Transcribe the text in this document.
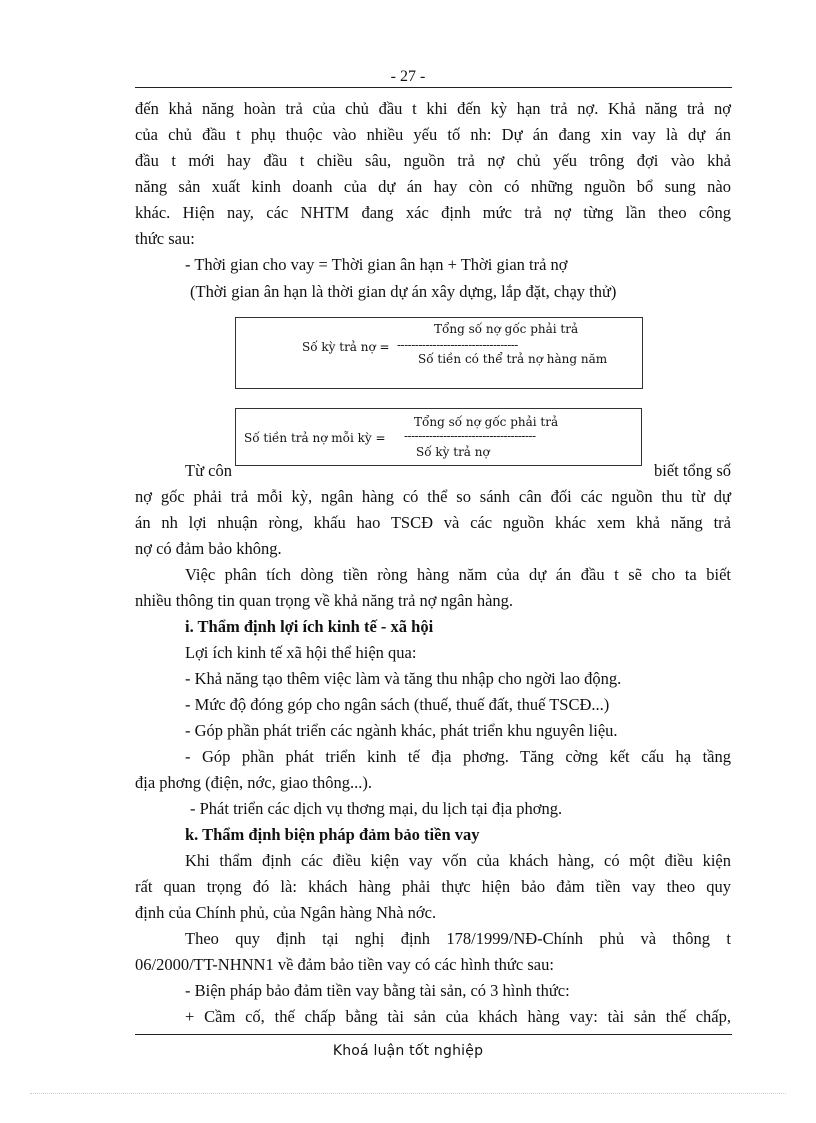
- 27 -
đến khả năng hoàn trả của chủ đầu t khi đến kỳ hạn trả nợ. Khả năng trả nợ
của chủ đầu t phụ thuộc vào nhiều yếu tố nh: Dự án đang xin vay là dự án
đầu t mới hay đầu t chiều sâu, nguồn trả nợ chủ yếu trông đợi vào khả
năng sản xuất kinh doanh của dự án hay còn có những nguồn bổ sung nào
khác. Hiện nay, các NHTM đang xác định mức trả nợ từng lần theo công
thức sau:
- Thời gian cho vay = Thời gian ân hạn + Thời gian trả nợ
(Thời gian ân hạn là thời gian dự án xây dựng, lắp đặt, chạy thử)
Tổng số nợ gốc phải trả
Số kỳ trả nợ = ----------------------------------
Số tiền có thể trả nợ hàng năm
Tổng số nợ gốc phải trả
Số tiền trả nợ mỗi kỳ = -------------------------------------
Số kỳ trả nợ
Từ côn	biết tổng số
nợ gốc phải trả mỗi kỳ, ngân hàng có thể so sánh cân đối các nguồn thu từ dự
án nh lợi nhuận ròng, khấu hao TSCĐ và các nguồn khác xem khả năng trả
nợ có đảm bảo không.
Việc phân tích dòng tiền ròng hàng năm của dự án đầu t sẽ cho ta biết
nhiều thông tin quan trọng về khả năng trả nợ ngân hàng.
i. Thẩm định lợi ích kinh tế - xã hội
Lợi ích kinh tế xã hội thể hiện qua:
- Khả năng tạo thêm việc làm và tăng thu nhập cho ngời lao động.
- Mức độ đóng góp cho ngân sách (thuế, thuế đất, thuế TSCĐ...)
- Góp phần phát triển các ngành khác, phát triển khu nguyên liệu.
- Góp phần phát triển kinh tế địa phơng. Tăng cờng kết cấu hạ tầng
địa phơng (điện, nớc, giao thông...).
- Phát triển các dịch vụ thơng mại, du lịch tại địa phơng.
k. Thẩm định biện pháp đảm bảo tiền vay
Khi thẩm định các điều kiện vay vốn của khách hàng, có một điều kiện
rất quan trọng đó là: khách hàng phải thực hiện bảo đảm tiền vay theo quy
định của Chính phủ, của Ngân hàng Nhà nớc.
Theo quy định tại nghị định 178/1999/NĐ-Chính phủ và thông t
06/2000/TT-NHNN1 về đảm bảo tiền vay có các hình thức sau:
- Biện pháp bảo đảm tiền vay bằng tài sản, có 3 hình thức:
+ Cầm cố, thế chấp bằng tài sản của khách hàng vay: tài sản thế chấp,
Khoá luận tốt nghiệp
